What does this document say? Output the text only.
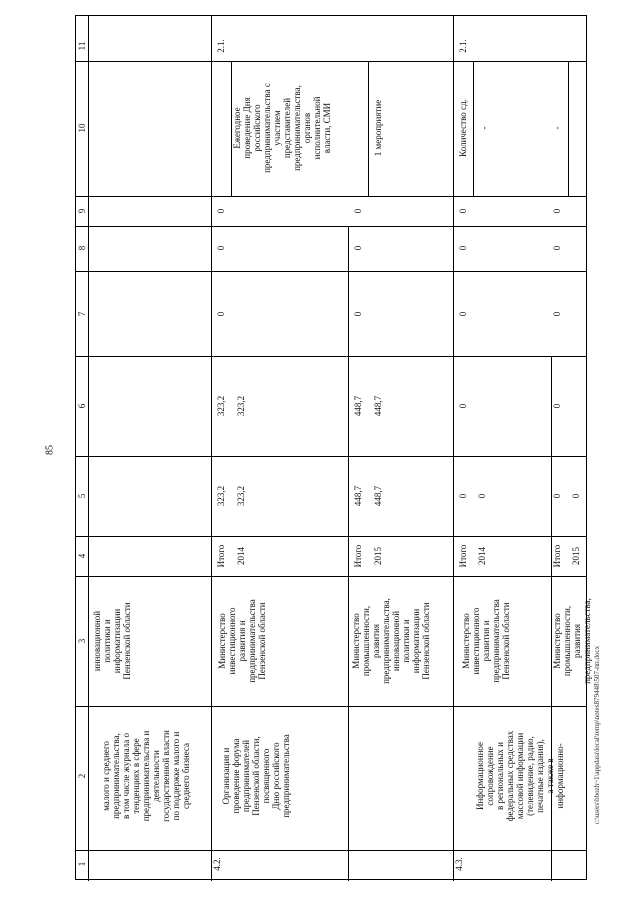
85
1
2
3
4
5
6
7
8
9
10
11
малого и среднего
предпринимательства,
в том числе журнала о
тенденциях в сфере
предпринимательства и
деятельности
государственной власти
по поддержке малого и
среднего бизнеса
инновационной
политики и
информатизации
Пензенской области
4.2.
Организация и
проведение форума
предпринимателей
Пензенской области,
посвященного
Дню российского
предпринимательства
Министерство
инвестиционного
развития и
предпринимательства
Пензенской области	Министерство
промышленности,
развития
предпринимательства,
инновационной
политики и
информатизации
Пензенской области
Итого 2014
323,2 323,2
323,2 323,2
0
0
0
Ежегодное
проведение Дня
российского
предпринимательства с участием
представителей
предпринимательства, органов
исполнительной
власти, СМИ
2.1.
Итого 2015
448,7 448,7
448,7 448,7
0
0
0
1 мероприятие
4.3.
Информационное
сопровождение
в региональных и
федеральных средствах
массовой информации
(телевидение, радио,
печатные издания),
а также в
информационно-
Министерство
инвестиционного
развития и
предпринимательства
Пензенской области	Министерство
промышленности,
развития
предпринимательства,
Итого 2014
0 0
0
0
0
0
Количество сд. -
2.1.
Итого 2015
0 0
0
0
0
0
-
c:\users\bbozh~1\appdata\local\temp\notes879448\507-пп.docx
